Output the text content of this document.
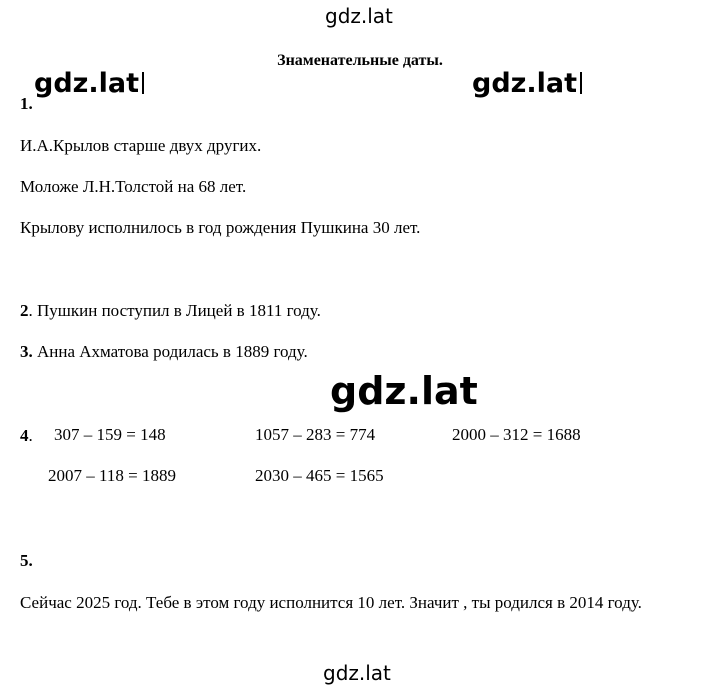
gdz.lat
gdz.lat	gdz.lat
gdz.lat
gdz.lat
Знаменательные даты.
1.
И.А.Крылов старше двух других.
Моложе Л.Н.Толстой на 68 лет.
Крылову исполнилось в год рождения Пушкина 30 лет.
2. Пушкин поступил в Лицей в 1811 году.
3. Анна Ахматова родилась в 1889 году.
4. 307 – 159 = 148	1057 – 283 = 774	2000 – 312 = 1688
2007 – 118 = 1889	2030 – 465 = 1565
5.
Сейчас 2025 год. Тебе в этом году исполнится 10 лет. Значит , ты родился в 2014 году.
